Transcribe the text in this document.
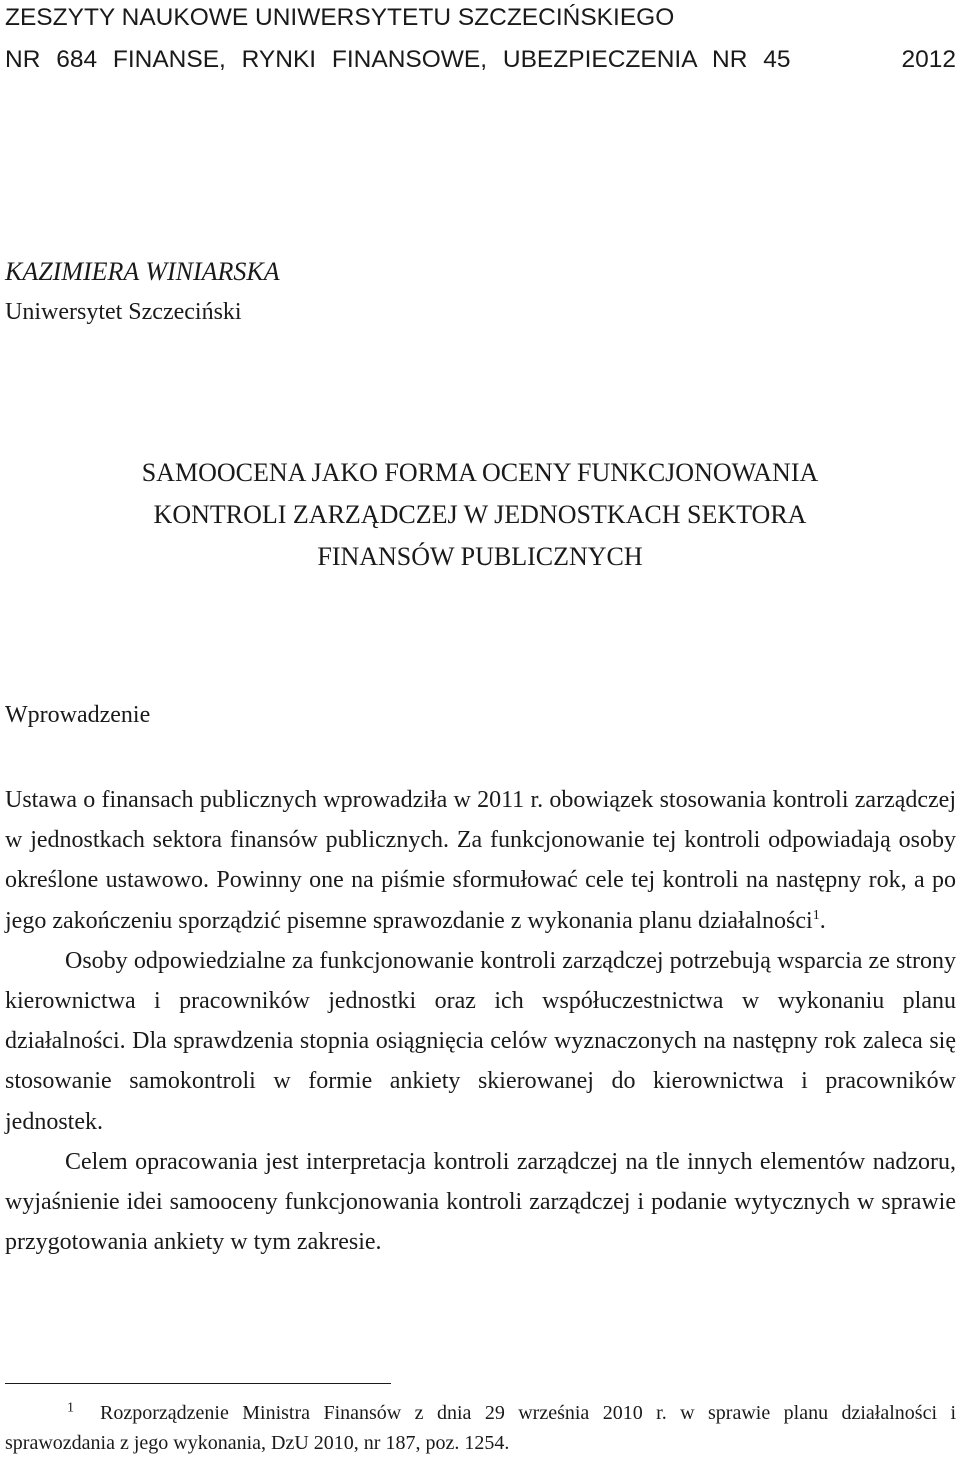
ZESZYTY NAUKOWE UNIWERSYTETU SZCZECIŃSKIEGO
NR 684 FINANSE, RYNKI FINANSOWE, UBEZPIECZENIA NR 45	2012
KAZIMIERA WINIARSKA
Uniwersytet Szczeciński
SAMOOCENA JAKO FORMA OCENY FUNKCJONOWANIA
KONTROLI ZARZĄDCZEJ W JEDNOSTKACH SEKTORA
FINANSÓW PUBLICZNYCH
Wprowadzenie

Ustawa o finansach publicznych wprowadziła w 2011 r. obowiązek stosowania kontroli zarządczej w jednostkach sektora finansów publicznych. Za funkcjonowanie tej kontroli odpowiadają osoby określone ustawowo. Powinny one na piśmie sformułować cele tej kontroli na następny rok, a po jego zakończeniu sporządzić pisemne sprawozdanie z wykonania planu działalności$^1$.

Osoby odpowiedzialne za funkcjonowanie kontroli zarządczej potrzebują wsparcia ze strony kierownictwa i pracowników jednostki oraz ich współuczestnictwa w wykonaniu planu działalności. Dla sprawdzenia stopnia osiągnięcia celów wyznaczonych na następny rok zaleca się stosowanie samokontroli w formie ankiety skierowanej do kierownictwa i pracowników jednostek.

Celem opracowania jest interpretacja kontroli zarządczej na tle innych elementów nadzoru, wyjaśnienie idei samooceny funkcjonowania kontroli zarządczej i podanie wytycznych w sprawie przygotowania ankiety w tym zakresie.

$^1$ Rozporządzenie Ministra Finansów z dnia 29 września 2010 r. w sprawie planu działalności i sprawozdania z jego wykonania, DzU 2010, nr 187, poz. 1254.
